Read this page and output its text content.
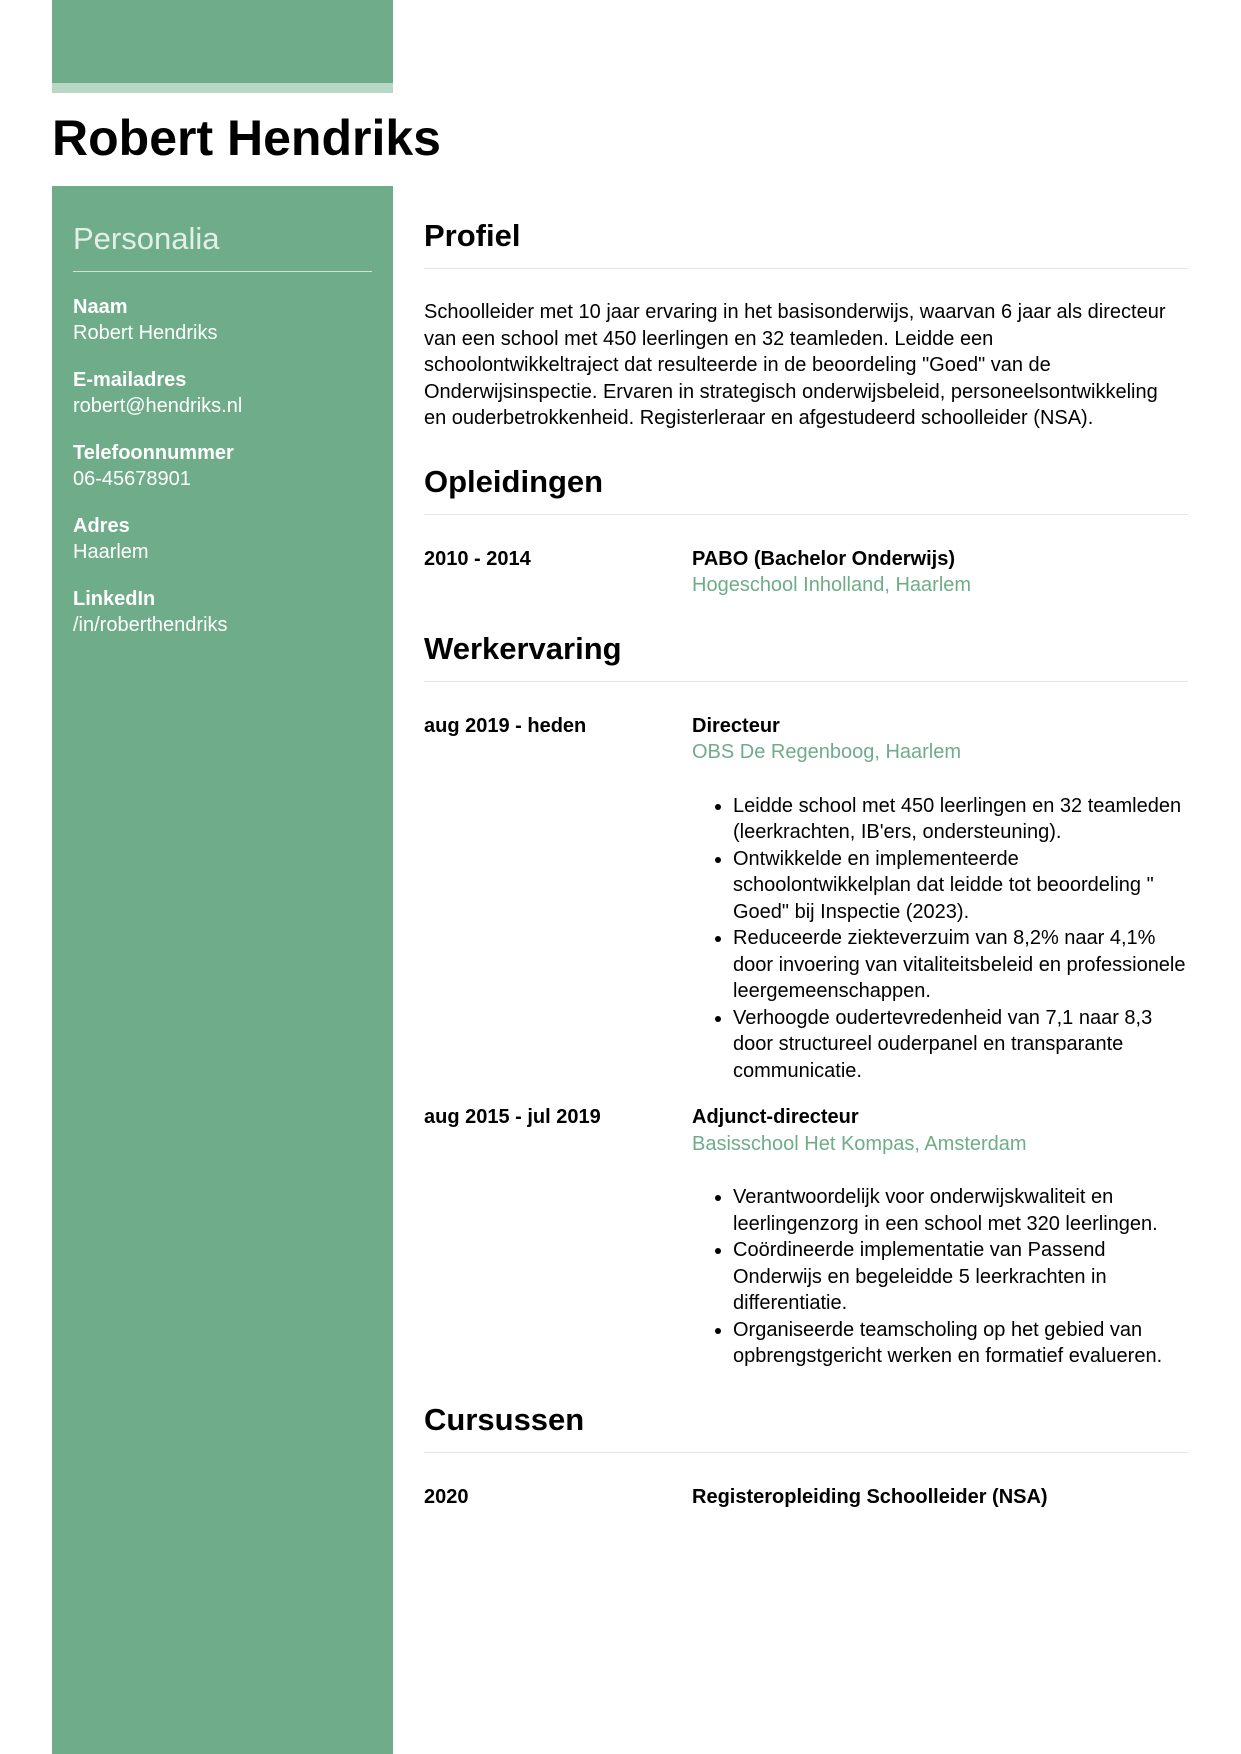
Robert Hendriks
Personalia
Naam
Robert Hendriks
E-mailadres
robert@hendriks.nl
Telefoonnummer
06-45678901
Adres
Haarlem
LinkedIn
/in/roberthendriks
Profiel

Schoolleider met 10 jaar ervaring in het basisonderwijs, waarvan 6 jaar als directeur van een school met 450 leerlingen en 32 teamleden. Leidde een schoolontwikkeltraject dat resulteerde in de beoordeling "Goed" van de Onderwijsinspectie. Ervaren in strategisch onderwijsbeleid, personeelsontwikkeling en ouderbetrokkenheid. Registerleraar en afgestudeerd schoolleider (NSA).

Opleidingen
2010 - 2014	PABO (Bachelor Onderwijs)
Hogeschool Inholland, Haarlem
Werkervaring
aug 2019 - heden	Directeur
OBS De Regenboog, Haarlem
• Leidde school met 450 leerlingen en 32 teamleden (leerkrachten, IB'ers, ondersteuning).
• Ontwikkelde en implementeerde schoolontwikkelplan dat leidde tot beoordeling " Goed" bij Inspectie (2023).
• Reduceerde ziekteverzuim van 8,2% naar 4,1% door invoering van vitaliteitsbeleid en professionele leergemeenschappen.
• Verhoogde oudertevredenheid van 7,1 naar 8,3 door structureel ouderpanel en transparante communicatie.
aug 2015 - jul 2019	Adjunct-directeur
Basisschool Het Kompas, Amsterdam
• Verantwoordelijk voor onderwijskwaliteit en leerlingenzorg in een school met 320 leerlingen.
• Coördineerde implementatie van Passend Onderwijs en begeleidde 5 leerkrachten in differentiatie.
• Organiseerde teamscholing op het gebied van opbrengstgericht werken en formatief evalueren.
Cursussen
2020	Registeropleiding Schoolleider (NSA)
